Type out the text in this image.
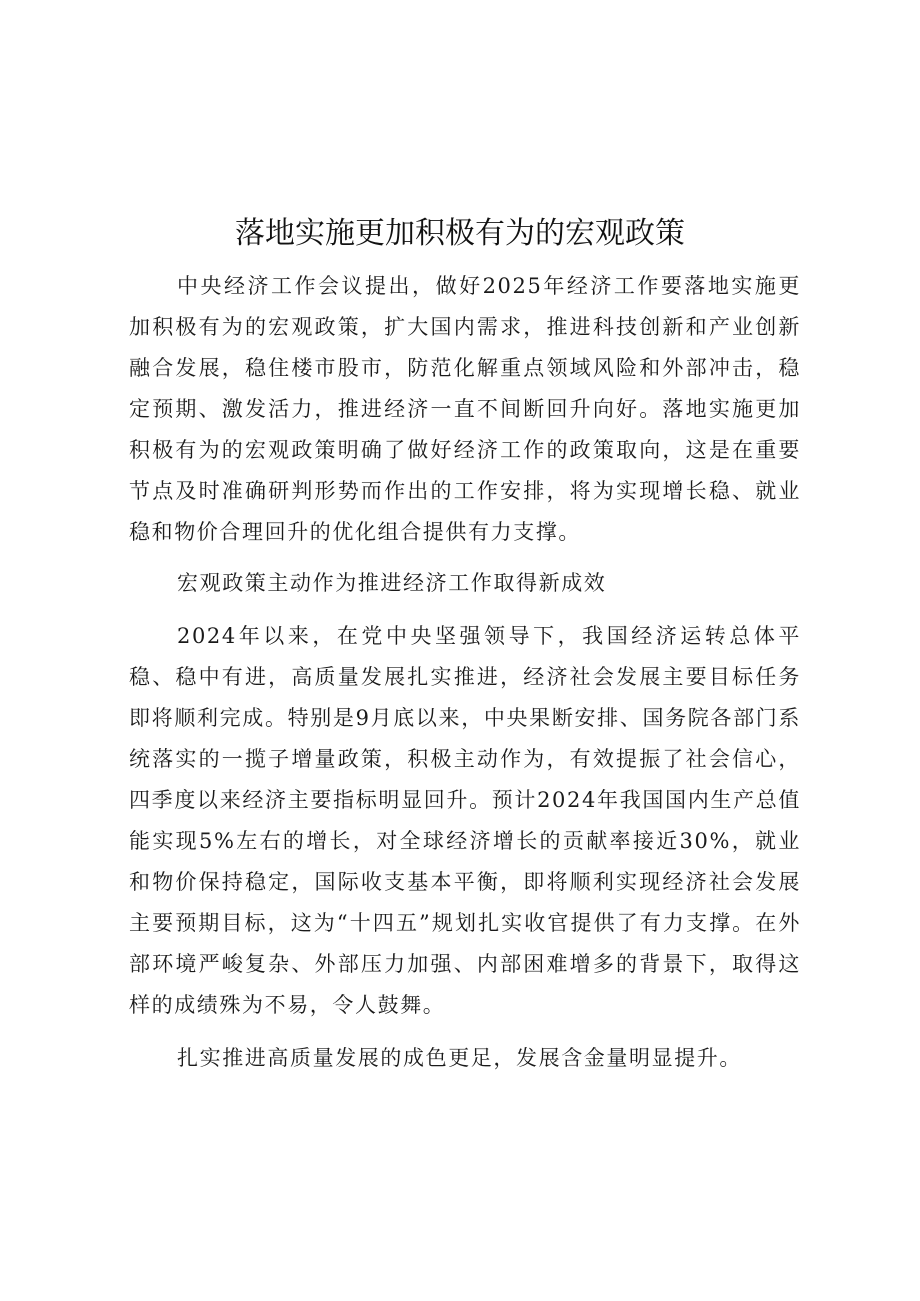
落地实施更加积极有为的宏观政策

中央经济工作会议提出，做好2025年经济工作要落地实施更加积极有为的宏观政策，扩大国内需求，推进科技创新和产业创新融合发展，稳住楼市股市，防范化解重点领域风险和外部冲击，稳定预期、激发活力，推进经济一直不间断回升向好。落地实施更加积极有为的宏观政策明确了做好经济工作的政策取向，这是在重要节点及时准确研判形势而作出的工作安排，将为实现增长稳、就业稳和物价合理回升的优化组合提供有力支撑。

宏观政策主动作为推进经济工作取得新成效

2024年以来，在党中央坚强领导下，我国经济运转总体平稳、稳中有进，高质量发展扎实推进，经济社会发展主要目标任务即将顺利完成。特别是9月底以来，中央果断安排、国务院各部门系统落实的一揽子增量政策，积极主动作为，有效提振了社会信心，四季度以来经济主要指标明显回升。预计2024年我国国内生产总值能实现5%左右的增长，对全球经济增长的贡献率接近30%，就业和物价保持稳定，国际收支基本平衡，即将顺利实现经济社会发展主要预期目标，这为“十四五”规划扎实收官提供了有力支撑。在外部环境严峻复杂、外部压力加强、内部困难增多的背景下，取得这样的成绩殊为不易，令人鼓舞。

扎实推进高质量发展的成色更足，发展含金量明显提升。
